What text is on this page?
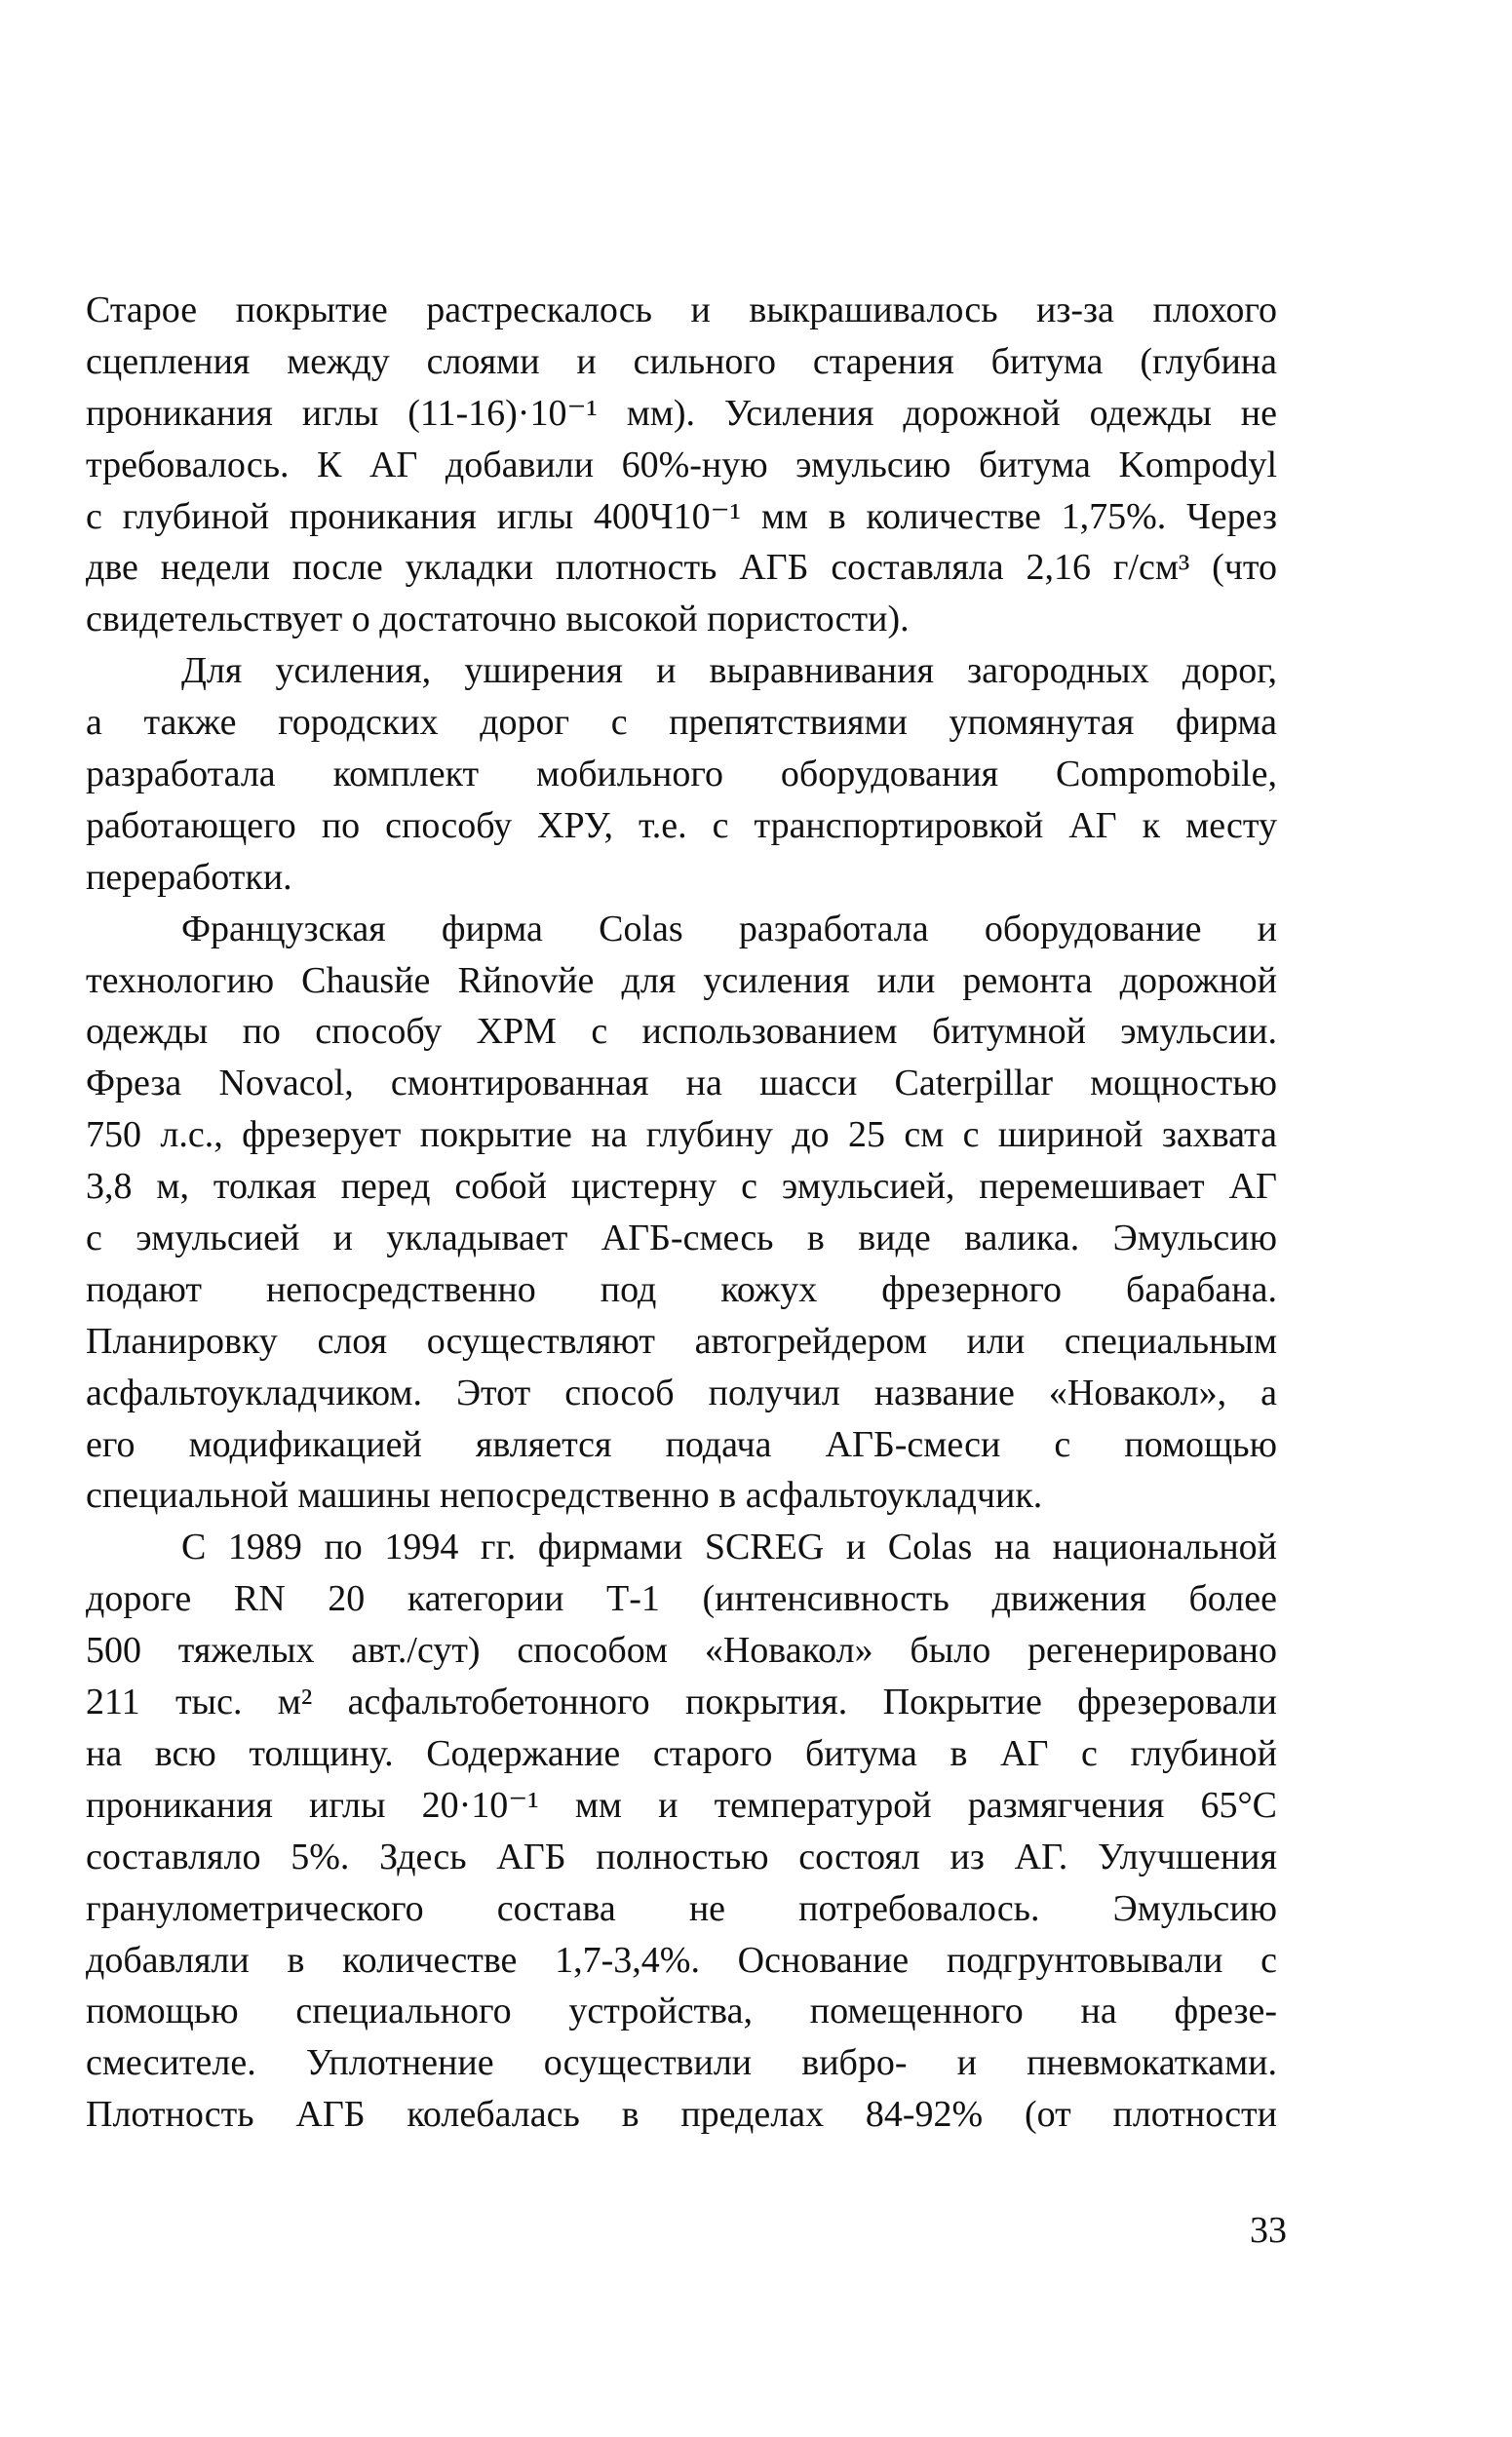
Старое покрытие растрескалось и выкрашивалось из-за плохого
сцепления между слоями и сильного старения битума (глубина
проникания иглы (11-16)·10⁻¹ мм). Усиления дорожной одежды не
требовалось. К АГ добавили 60%-ную эмульсию битума Kompodyl
с глубиной проникания иглы 400Ч10⁻¹ мм в количестве 1,75%. Через
две недели после укладки плотность АГБ составляла 2,16 г/см³ (что
свидетельствует о достаточно высокой пористости).
Для усиления, уширения и выравнивания загородных дорог,
а также городских дорог с препятствиями упомянутая фирма
разработала комплект мобильного оборудования Compomobile,
работающего по способу ХРУ, т.е. с транспортировкой АГ к месту
переработки.
Французская фирма Colas разработала оборудование и
технологию Chausйe Rйnovйe для усиления или ремонта дорожной
одежды по способу ХРМ с использованием битумной эмульсии.
Фреза Novacol, смонтированная на шасси Caterpillar мощностью
750 л.с., фрезерует покрытие на глубину до 25 см с шириной захвата
3,8 м, толкая перед собой цистерну с эмульсией, перемешивает АГ
с эмульсией и укладывает АГБ-смесь в виде валика. Эмульсию
подают непосредственно под кожух фрезерного барабана.
Планировку слоя осуществляют автогрейдером или специальным
асфальтоукладчиком. Этот способ получил название «Новакол», а
его модификацией является подача АГБ-смеси с помощью
специальной машины непосредственно в асфальтоукладчик.
С 1989 по 1994 гг. фирмами SCREG и Colas на национальной
дороге RN 20 категории Т-1 (интенсивность движения более
500 тяжелых авт./сут) способом «Новакол» было регенерировано
211 тыс. м² асфальтобетонного покрытия. Покрытие фрезеровали
на всю толщину. Содержание старого битума в АГ с глубиной
проникания иглы 20·10⁻¹ мм и температурой размягчения 65°С
составляло 5%. Здесь АГБ полностью состоял из АГ. Улучшения
гранулометрического состава не потребовалось. Эмульсию
добавляли в количестве 1,7-3,4%. Основание подгрунтовывали с
помощью специального устройства, помещенного на фрезе-
смесителе. Уплотнение осуществили вибро- и пневмокатками.
Плотность АГБ колебалась в пределах 84-92% (от плотности
33
